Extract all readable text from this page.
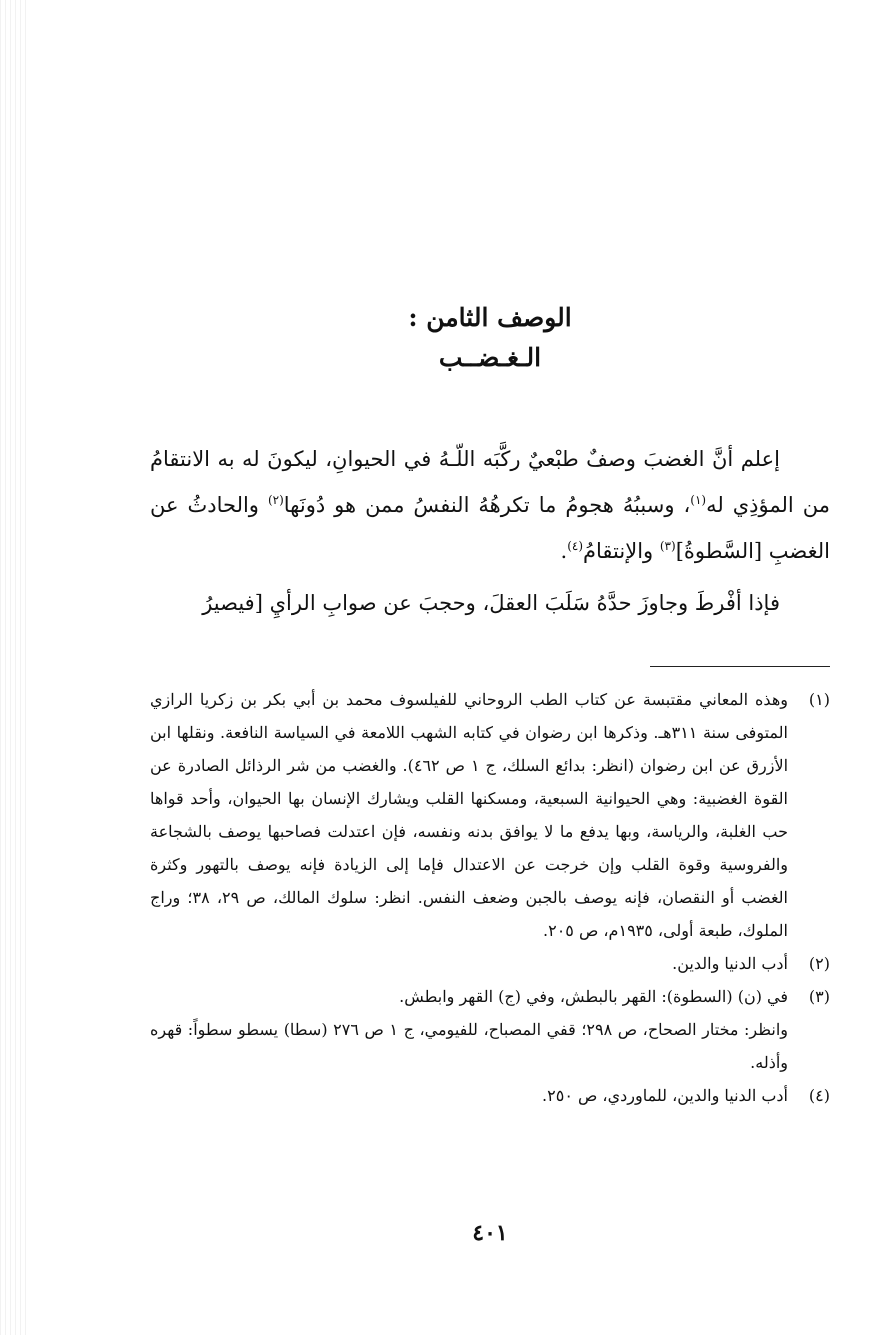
الوصف الثامن :
الـغـضــب

إعلم أنَّ الغضبَ وصفٌ طبْعيٌ ركَّبَه اللّـهُ في الحيوانِ، ليكونَ له به الانتقامُ من المؤذِي له$^{(١)}$، وسببُهُ هجومُ ما تكرهُهُ النفسُ ممن هو دُونَها$^{(٢)}$ والحادثُ عن الغضبِ [السَّطوةُ]$^{(٣)}$ والإنتقامُ$^{(٤)}$.

فإذا أفْرطَ وجاوزَ حدَّهُ سَلَبَ العقلَ، وحجبَ عن صوابِ الرأيِ [فيصيرُ

(١)
وهذه المعاني مقتبسة عن كتاب الطب الروحاني للفيلسوف محمد بن أبي بكر بن زكريا الرازي المتوفى سنة ٣١١هـ. وذكرها ابن رضوان في كتابه الشهب اللامعة في السياسة النافعة. ونقلها ابن الأزرق عن ابن رضوان (انظر: بدائع السلك، ج ١ ص ٤٦٢). والغضب من شر الرذائل الصادرة عن القوة الغضبية: وهي الحيوانية السبعية، ومسكنها القلب ويشارك الإنسان بها الحيوان، وأحد قواها حب الغلبة، والرياسة، وبها يدفع ما لا يوافق بدنه ونفسه، فإن اعتدلت فصاحبها يوصف بالشجاعة والفروسية وقوة القلب وإن خرجت عن الاعتدال فإما إلى الزيادة فإنه يوصف بالتهور وكثرة الغضب أو النقصان، فإنه يوصف بالجبن وضعف النفس. انظر: سلوك المالك، ص ٢٩، ٣٨؛ وراج الملوك، طبعة أولى، ١٩٣٥م، ص ٢٠٥.
(٢)
أدب الدنيا والدين.
(٣)

في (ن) (السطوة): القهر بالبطش، وفي (ج) القهر وابطش.

وانظر: مختار الصحاح، ص ٢٩٨؛ قفي المصباح، للفيومي، ج ١ ص ٢٧٦ (سطا) يسطو سطواً: قهره وأذله.

(٤)
أدب الدنيا والدين، للماوردي، ص ٢٥٠.
٤٠١
